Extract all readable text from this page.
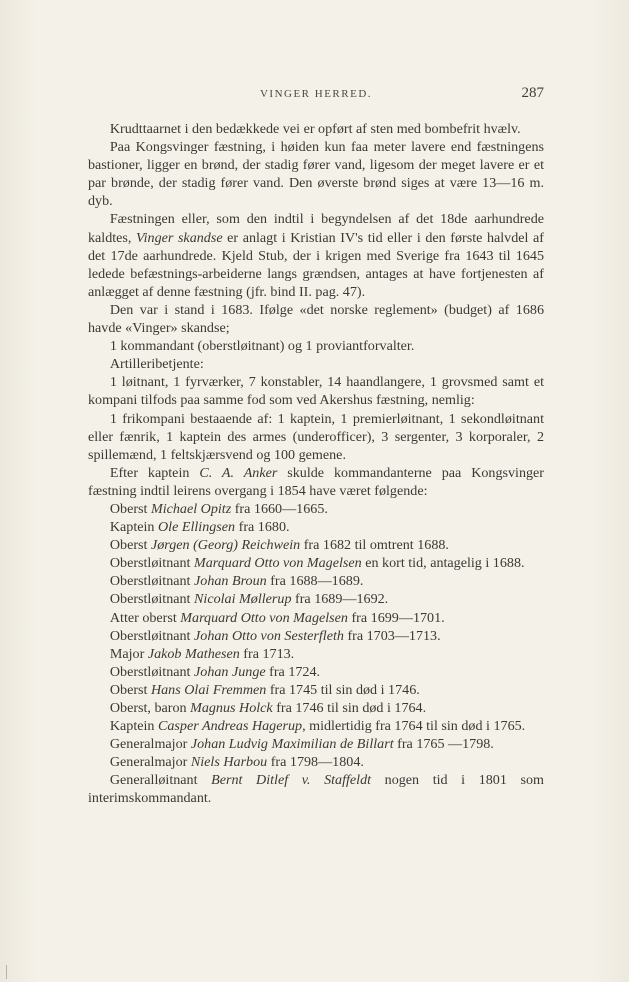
VINGER HERRED.	287

Krudttaarnet i den bedækkede vei er opført af sten med bombefrit hvælv.

Paa Kongsvinger fæstning, i høiden kun faa meter lavere end fæstningens bastioner, ligger en brønd, der stadig fører vand, ligesom der meget lavere er et par brønde, der stadig fører vand. Den øverste brønd siges at være 13—16 m. dyb.

Fæstningen eller, som den indtil i begyndelsen af det 18de aarhundrede kaldtes, Vinger skandse er anlagt i Kristian IV's tid eller i den første halvdel af det 17de aarhundrede. Kjeld Stub, der i krigen med Sverige fra 1643 til 1645 ledede befæstnings-arbeiderne langs grændsen, antages at have fortjenesten af anlægget af denne fæstning (jfr. bind II. pag. 47).

Den var i stand i 1683. Ifølge «det norske reglement» (budget) af 1686 havde «Vinger» skandse;

1 kommandant (oberstløitnant) og 1 proviantforvalter.

Artilleribetjente:

1 løitnant, 1 fyrværker, 7 konstabler, 14 haandlangere, 1 grovsmed samt et kompani tilfods paa samme fod som ved Akershus fæstning, nemlig:

1 frikompani bestaaende af: 1 kaptein, 1 premierløitnant, 1 sekondløitnant eller fænrik, 1 kaptein des armes (underofficer), 3 sergenter, 3 korporaler, 2 spillemænd, 1 feltskjærsvend og 100 gemene.

Efter kaptein C. A. Anker skulde kommandanterne paa Kongsvinger fæstning indtil leirens overgang i 1854 have været følgende:

Oberst Michael Opitz fra 1660—1665.

Kaptein Ole Ellingsen fra 1680.

Oberst Jørgen (Georg) Reichwein fra 1682 til omtrent 1688.

Oberstløitnant Marquard Otto von Magelsen en kort tid, antagelig i 1688.

Oberstløitnant Johan Broun fra 1688—1689.

Oberstløitnant Nicolai Møllerup fra 1689—1692.

Atter oberst Marquard Otto von Magelsen fra 1699—1701.

Oberstløitnant Johan Otto von Sesterfleth fra 1703—1713.

Major Jakob Mathesen fra 1713.

Oberstløitnant Johan Junge fra 1724.

Oberst Hans Olai Fremmen fra 1745 til sin død i 1746.

Oberst, baron Magnus Holck fra 1746 til sin død i 1764.

Kaptein Casper Andreas Hagerup, midlertidig fra 1764 til sin død i 1765.

Generalmajor Johan Ludvig Maximilian de Billart fra 1765 —1798.

Generalmajor Niels Harbou fra 1798—1804.

Generalløitnant Bernt Ditlef v. Staffeldt nogen tid i 1801 som interimskommandant.
